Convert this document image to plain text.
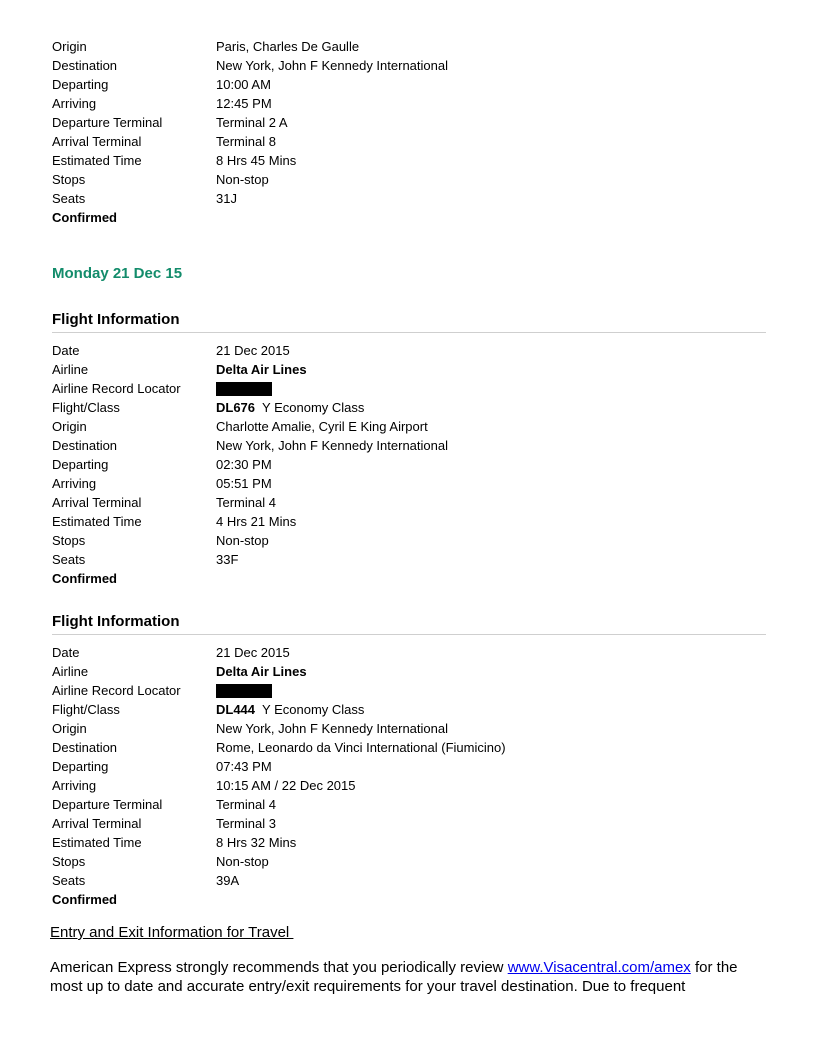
Origin	Paris, Charles De Gaulle
Destination	New York, John F Kennedy International
Departing	10:00 AM
Arriving	12:45 PM
Departure Terminal	Terminal 2 A
Arrival Terminal	Terminal 8
Estimated Time	8 Hrs 45 Mins
Stops	Non-stop
Seats	31J
Confirmed
Monday 21 Dec 15
Flight Information
Date	21 Dec 2015
Airline	Delta Air Lines
Airline Record Locator
Flight/Class	DL676 Y Economy Class
Origin	Charlotte Amalie, Cyril E King Airport
Destination	New York, John F Kennedy International
Departing	02:30 PM
Arriving	05:51 PM
Arrival Terminal	Terminal 4
Estimated Time	4 Hrs 21 Mins
Stops	Non-stop
Seats	33F
Confirmed
Flight Information
Date	21 Dec 2015
Airline	Delta Air Lines
Airline Record Locator
Flight/Class	DL444 Y Economy Class
Origin	New York, John F Kennedy International
Destination	Rome, Leonardo da Vinci International (Fiumicino)
Departing	07:43 PM
Arriving	10:15 AM / 22 Dec 2015
Departure Terminal	Terminal 4
Arrival Terminal	Terminal 3
Estimated Time	8 Hrs 32 Mins
Stops	Non-stop
Seats	39A
Confirmed
Entry and Exit Information for Travel
American Express strongly recommends that you periodically review www.Visacentral.com/amex for the most up to date and accurate entry/exit requirements for your travel destination. Due to frequent
